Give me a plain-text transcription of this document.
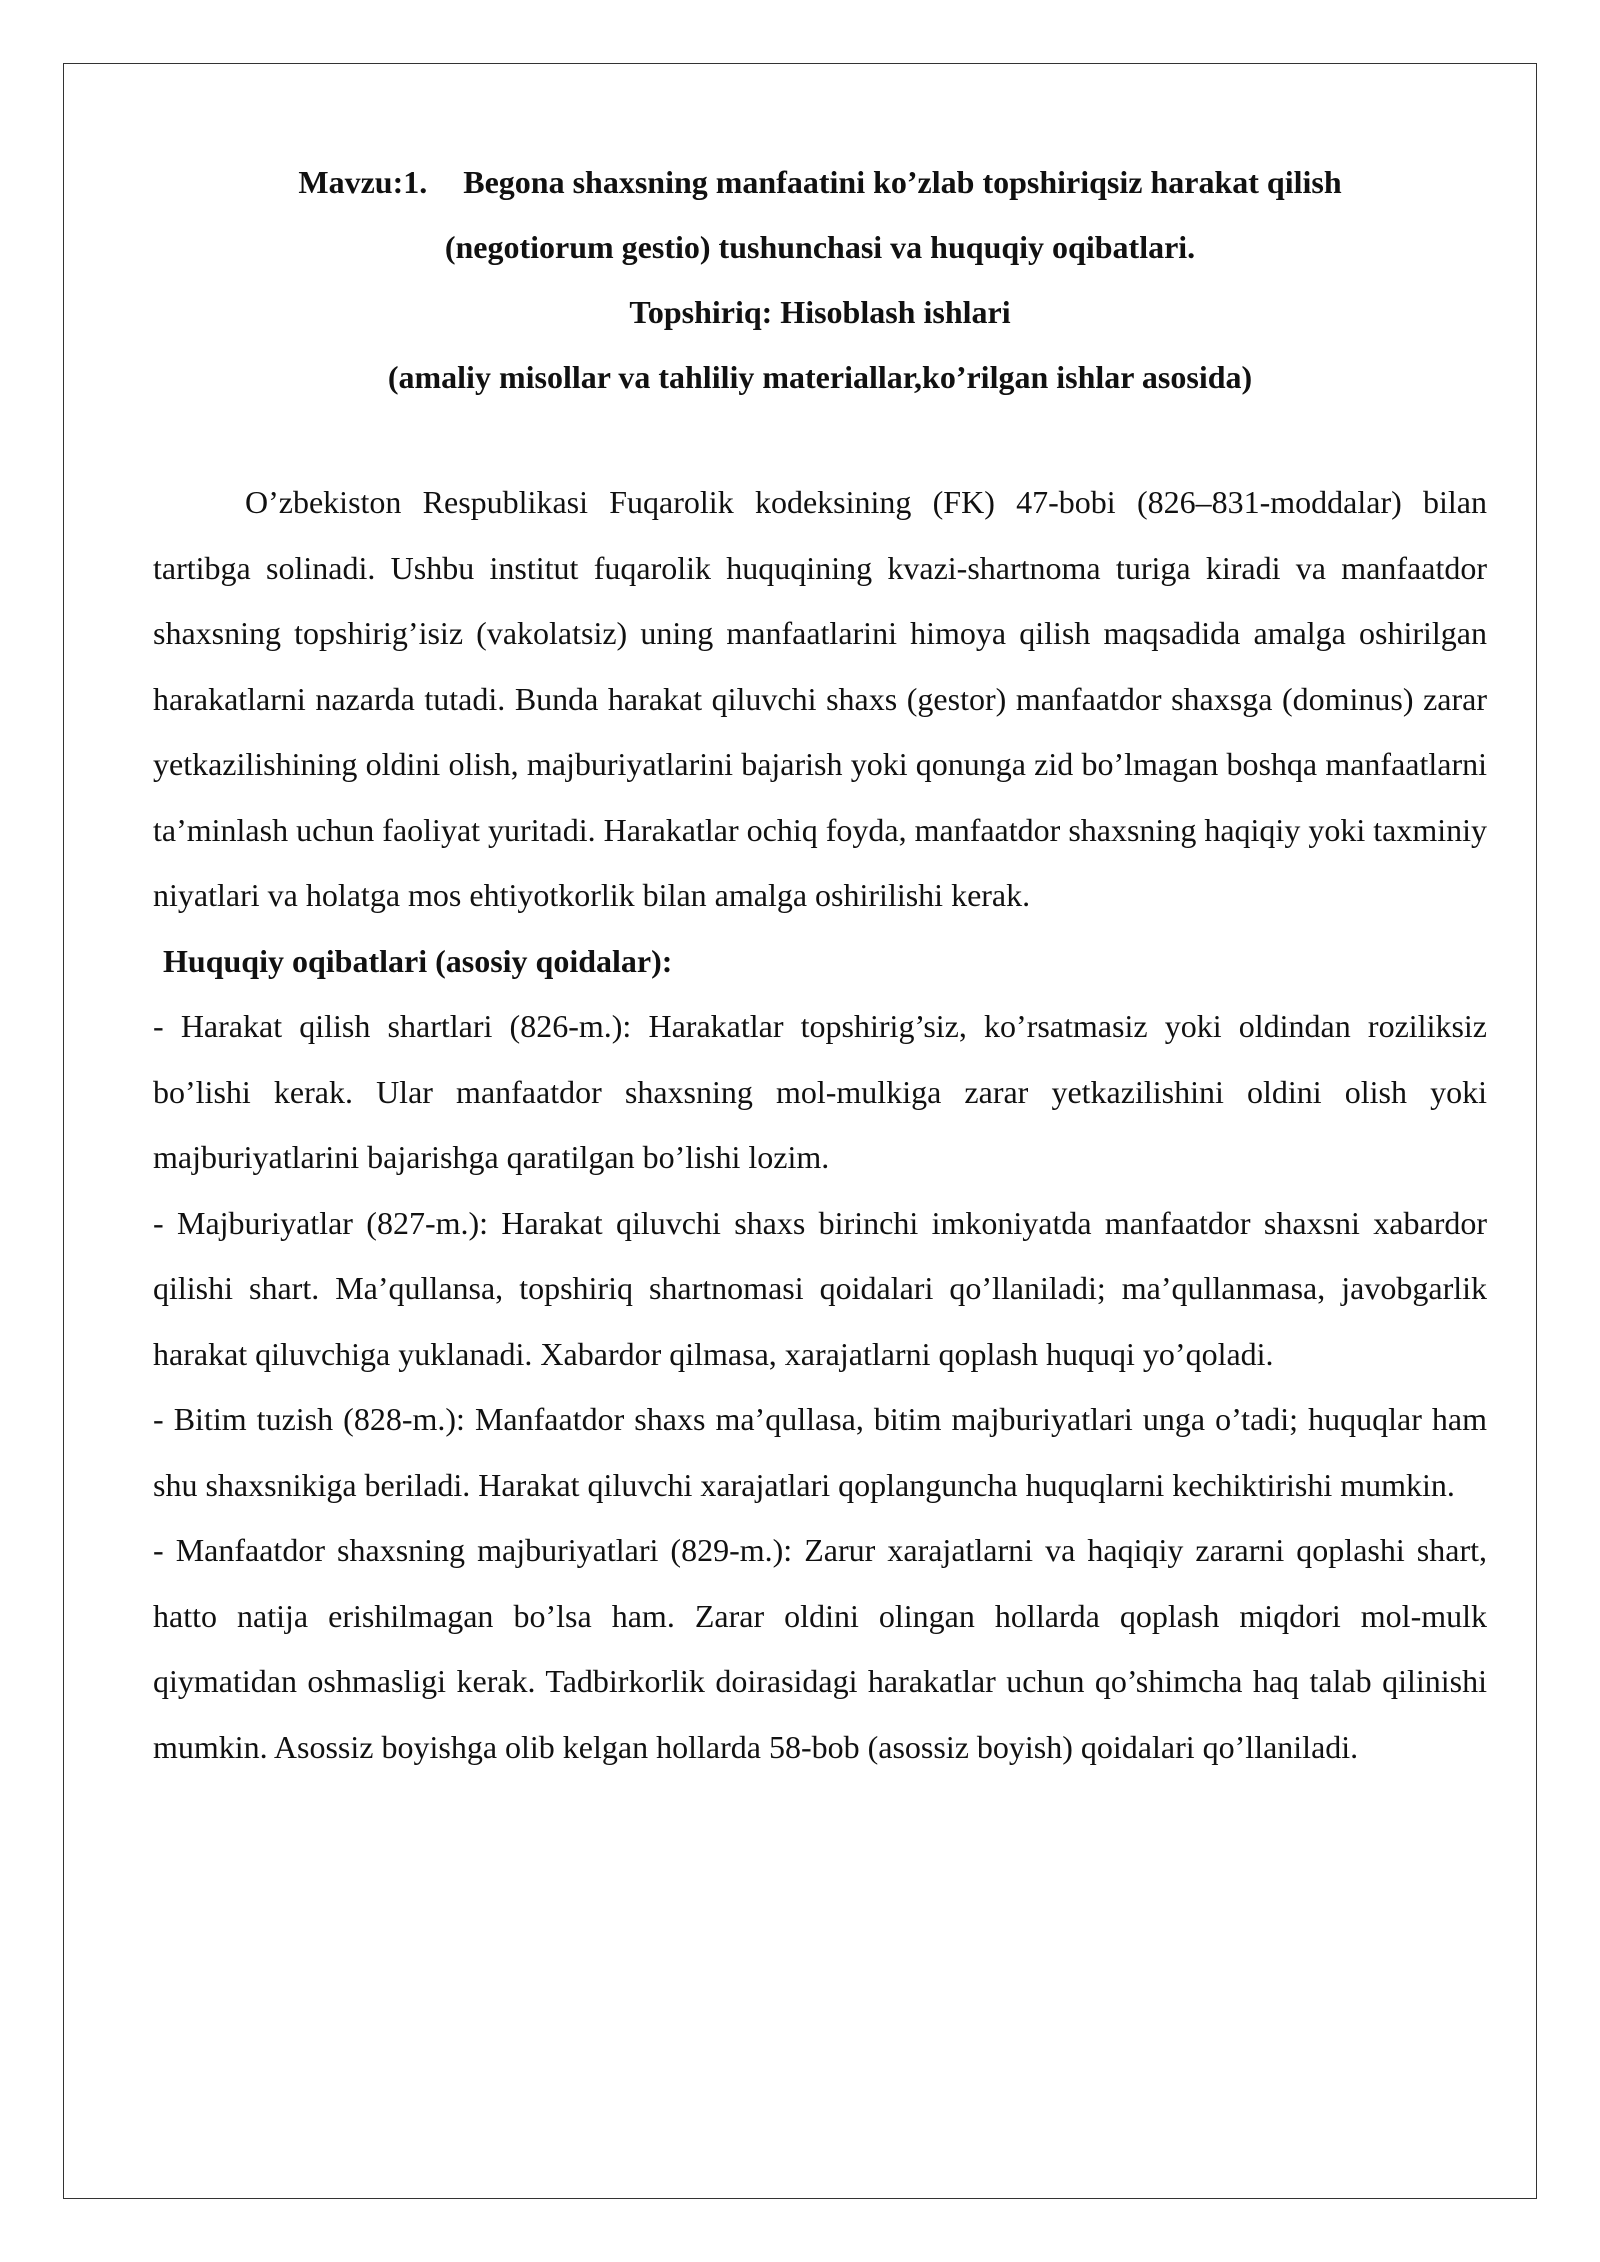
Mavzu:1. Begona shaxsning manfaatini ko’zlab topshiriqsiz harakat qilish
(negotiorum gestio) tushunchasi va huquqiy oqibatlari.
Topshiriq: Hisoblash ishlari
(amaliy misollar va tahliliy materiallar,ko’rilgan ishlar asosida)

O’zbekiston Respublikasi Fuqarolik kodeksining (FK) 47-bobi (826–831-moddalar) bilan tartibga solinadi. Ushbu institut fuqarolik huquqining kvazi-shartnoma turiga kiradi va manfaatdor shaxsning topshirig’isiz (vakolatsiz) uning manfaatlarini himoya qilish maqsadida amalga oshirilgan harakatlarni nazarda tutadi. Bunda harakat qiluvchi shaxs (gestor) manfaatdor shaxsga (dominus) zarar yetkazilishining oldini olish, majburiyatlarini bajarish yoki qonunga zid bo’lmagan boshqa manfaatlarni ta’minlash uchun faoliyat yuritadi. Harakatlar ochiq foyda, manfaatdor shaxsning haqiqiy yoki taxminiy niyatlari va holatga mos ehtiyotkorlik bilan amalga oshirilishi kerak.

Huquqiy oqibatlari (asosiy qoidalar):

- Harakat qilish shartlari (826-m.): Harakatlar topshirig’siz, ko’rsatmasiz yoki oldindan roziliksiz bo’lishi kerak. Ular manfaatdor shaxsning mol-mulkiga zarar yetkazilishini oldini olish yoki majburiyatlarini bajarishga qaratilgan bo’lishi lozim.

- Majburiyatlar (827-m.): Harakat qiluvchi shaxs birinchi imkoniyatda manfaatdor shaxsni xabardor qilishi shart. Ma’qullansa, topshiriq shartnomasi qoidalari qo’llaniladi; ma’qullanmasa, javobgarlik harakat qiluvchiga yuklanadi. Xabardor qilmasa, xarajatlarni qoplash huquqi yo’qoladi.

- Bitim tuzish (828-m.): Manfaatdor shaxs ma’qullasa, bitim majburiyatlari unga o’tadi; huquqlar ham shu shaxsnikiga beriladi. Harakat qiluvchi xarajatlari qoplanguncha huquqlarni kechiktirishi mumkin.

- Manfaatdor shaxsning majburiyatlari (829-m.): Zarur xarajatlarni va haqiqiy zararni qoplashi shart, hatto natija erishilmagan bo’lsa ham. Zarar oldini olingan hollarda qoplash miqdori mol-mulk qiymatidan oshmasligi kerak. Tadbirkorlik doirasidagi harakatlar uchun qo’shimcha haq talab qilinishi mumkin. Asossiz boyishga olib kelgan hollarda 58-bob (asossiz boyish) qoidalari qo’llaniladi.
